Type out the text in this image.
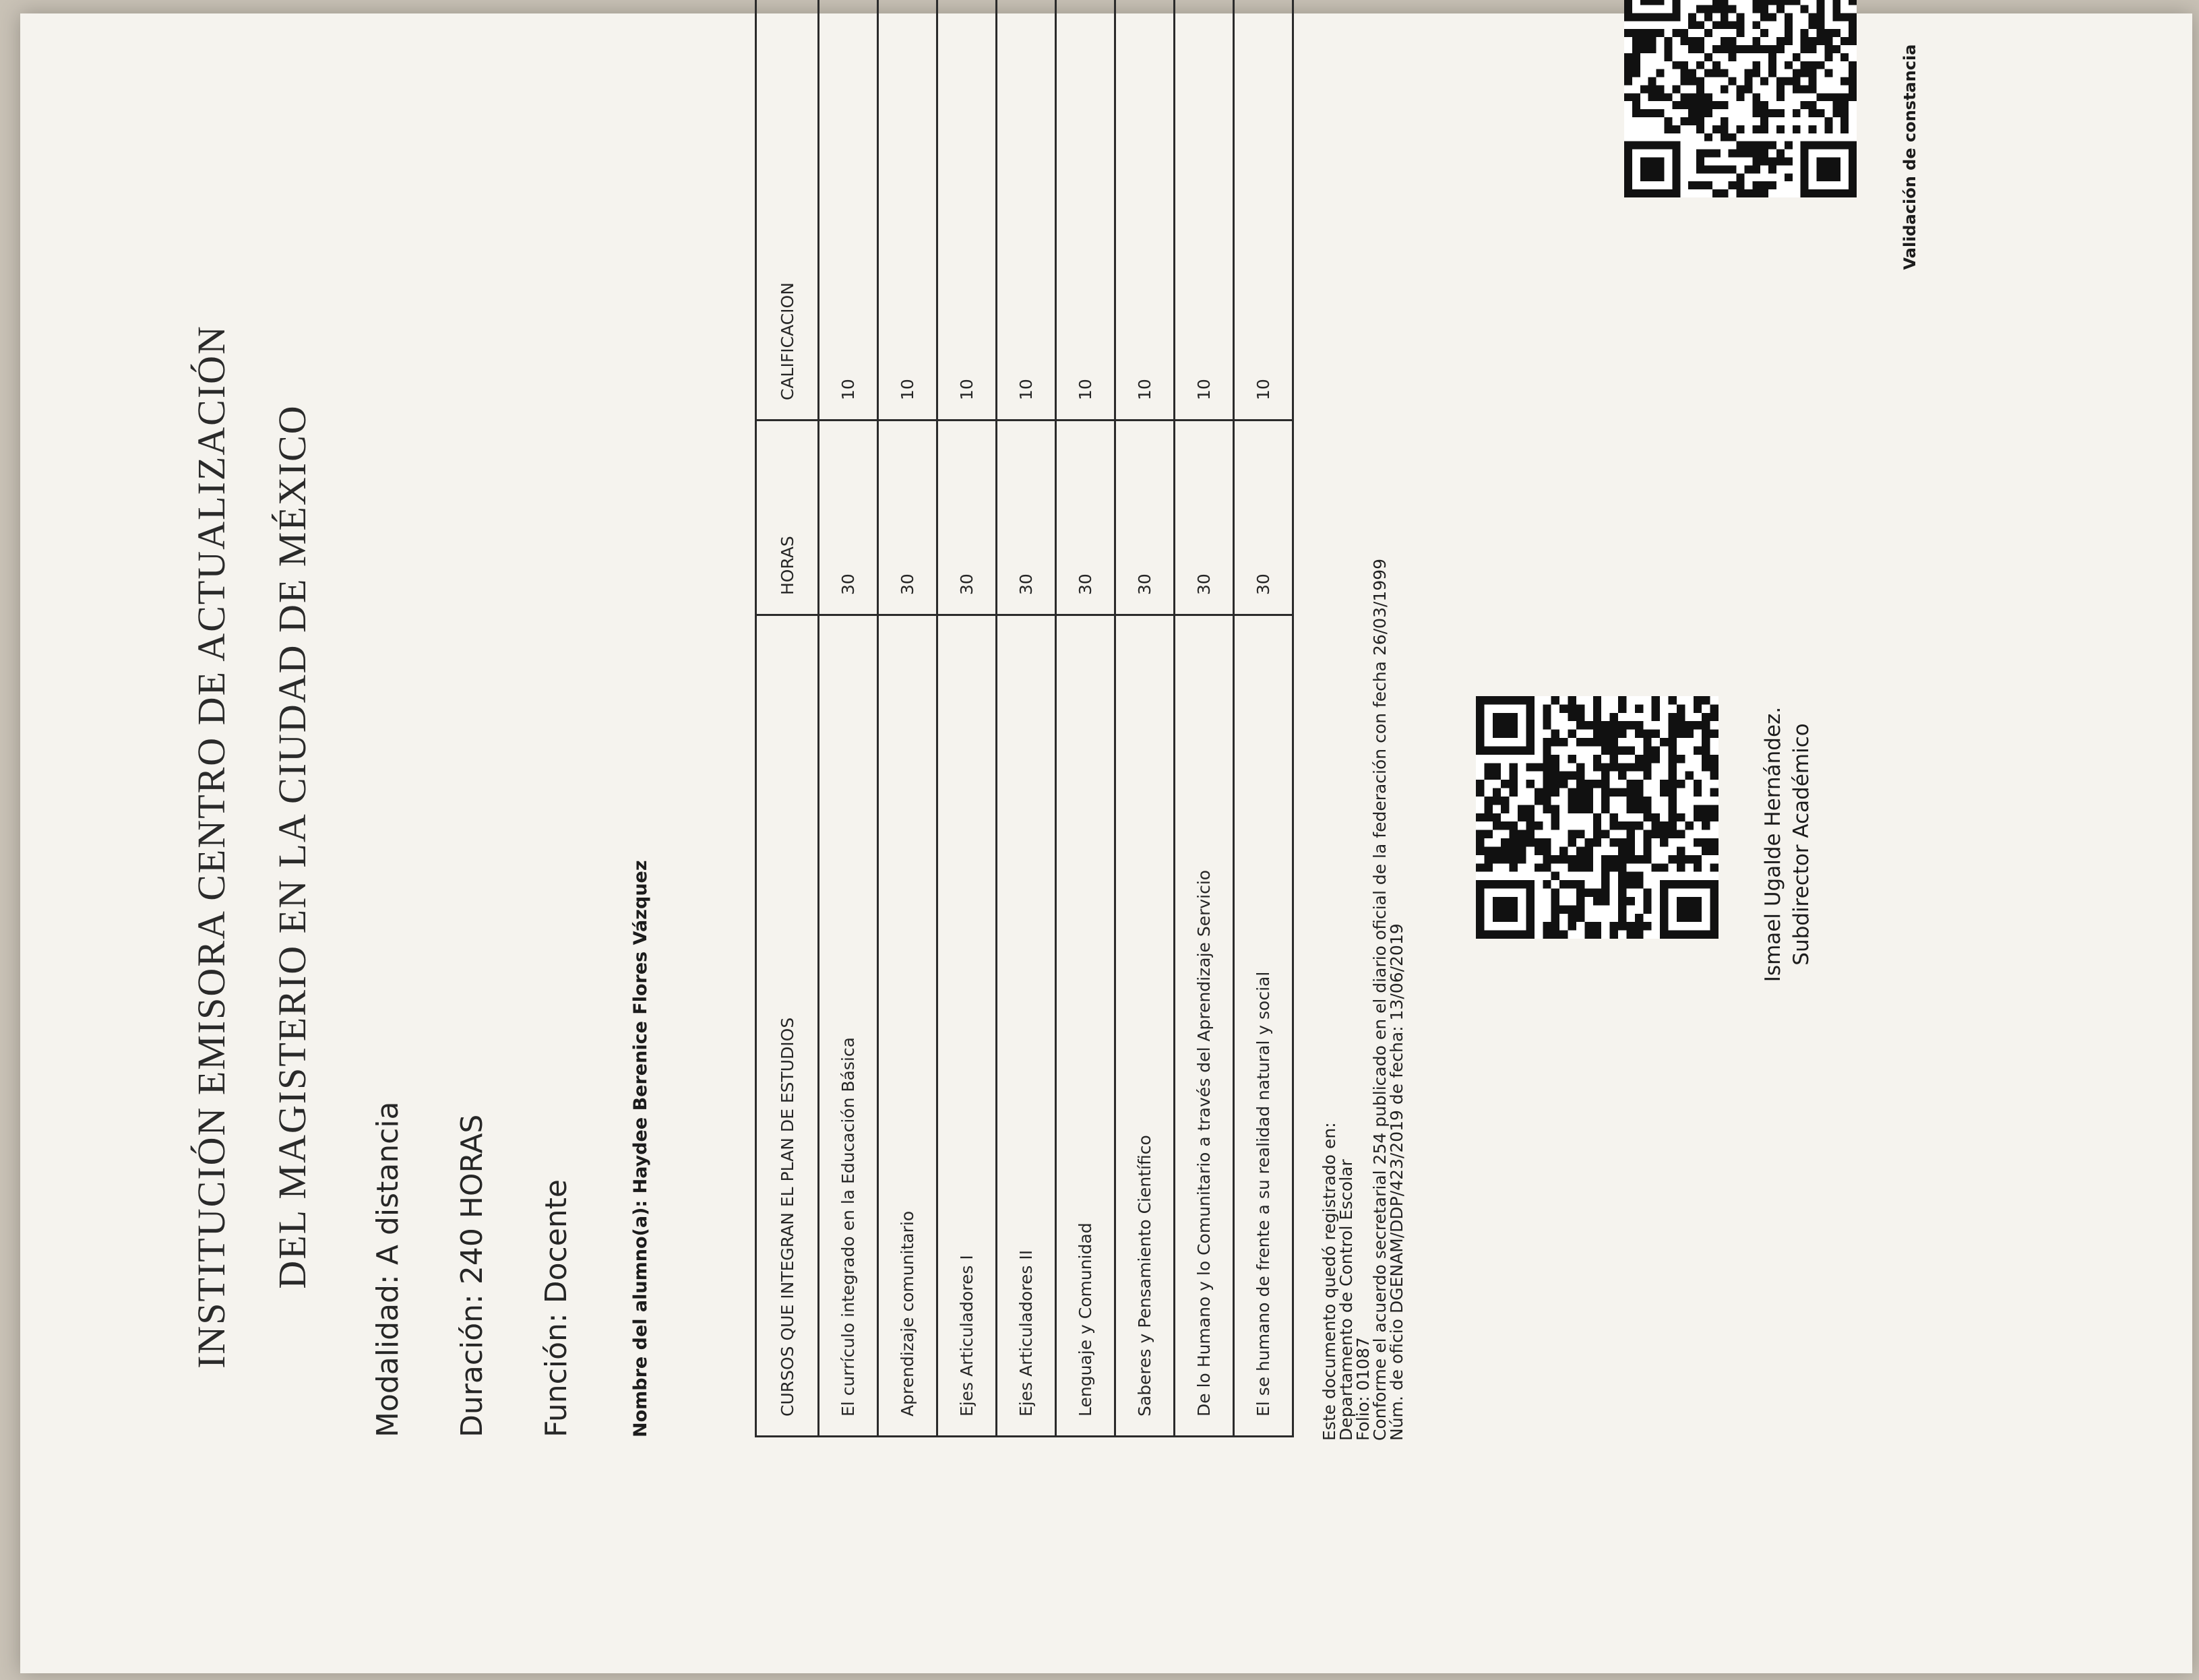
INSTITUCIÓN EMISORA CENTRO DE ACTUALIZACIÓN DEL MAGISTERIO EN LA CIUDAD DE MÉXICO Modalidad: A distancia Duración: 240 HORAS Función: Docente	Nombre del alumno(a): Haydee Berenice Flores Vázquez	CURSOS QUE INTEGRAN EL PLAN DE ESTUDIOS	HORAS	CALIFICACION
El currículo integrado en la Educación Básica	30	10
Aprendizaje comunitario	30	10
Ejes Articuladores I	30	10
Ejes Articuladores II	30	10
Lenguaje y Comunidad	30	10
Saberes y Pensamiento Científico	30	10
De lo Humano y lo Comunitario a través del Aprendizaje Servicio	30	10
El se humano de frente a su realidad natural y social	30	10
Este documento quedó registrado en:
Departamento de Control Escolar
Folio: 01087
Conforme el acuerdo secretarial 254 publicado en el diario oficial de la federación con fecha 26/03/1999
Núm. de oficio DGENAM/DDP/423/2019 de fecha: 13/06/2019
Ismael Ugalde Hernández. Subdirector Académico
Validación de constancia
